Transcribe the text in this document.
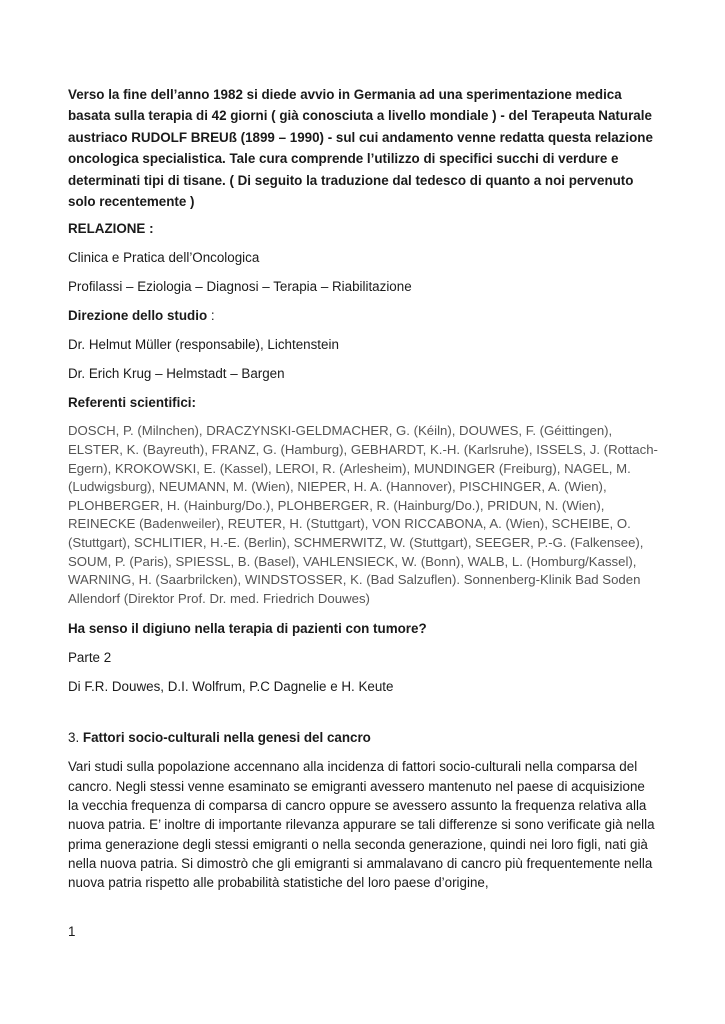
Verso la fine dell’anno 1982 si diede avvio in Germania ad una sperimentazione medica basata sulla terapia di 42 giorni ( già conosciuta a livello mondiale ) - del Terapeuta Naturale austriaco RUDOLF BREUß (1899 – 1990) - sul cui andamento venne redatta questa relazione oncologica specialistica. Tale cura comprende l’utilizzo di specifici succhi di verdure e determinati tipi di tisane. ( Di seguito la traduzione dal tedesco di quanto a noi pervenuto solo recentemente )

RELAZIONE :

Clinica e Pratica dell’Oncologica

Profilassi – Eziologia – Diagnosi – Terapia – Riabilitazione

Direzione dello studio :

Dr. Helmut Müller (responsabile), Lichtenstein

Dr. Erich Krug – Helmstadt – Bargen

Referenti scientifici:

DOSCH, P. (Milnchen), DRACZYNSKI-GELDMACHER, G. (Kéiln), DOUWES, F. (Géittingen), ELSTER, K. (Bayreuth), FRANZ, G. (Hamburg), GEBHARDT, K.-H. (Karlsruhe), ISSELS, J. (Rottach-Egern), KROKOWSKI, E. (Kassel), LEROI, R. (Arlesheim), MUNDINGER (Freiburg), NAGEL, M. (Ludwigsburg), NEUMANN, M. (Wien), NIEPER, H. A. (Hannover), PISCHINGER, A. (Wien), PLOHBERGER, H. (Hainburg/Do.), PLOHBERGER, R. (Hainburg/Do.), PRIDUN, N. (Wien), REINECKE (Badenweiler), REUTER, H. (Stuttgart), VON RICCABONA, A. (Wien), SCHEIBE, O. (Stuttgart), SCHLITIER, H.-E. (Berlin), SCHMERWITZ, W. (Stuttgart), SEEGER, P.-G. (Falkensee), SOUM, P. (Paris), SPIESSL, B. (Basel), VAHLENSIECK, W. (Bonn), WALB, L. (Homburg/Kassel), WARNING, H. (Saarbrilcken), WINDSTOSSER, K. (Bad Salzuflen). Sonnenberg-Klinik Bad Soden Allendorf (Direktor Prof. Dr. med. Friedrich Douwes)

Ha senso il digiuno nella terapia di pazienti con tumore?

Parte 2

Di F.R. Douwes, D.I. Wolfrum, P.C Dagnelie e H. Keute

3. Fattori socio-culturali nella genesi del cancro

Vari studi sulla popolazione accennano alla incidenza di fattori socio-culturali nella comparsa del cancro. Negli stessi venne esaminato se emigranti avessero mantenuto nel paese di acquisizione la vecchia frequenza di comparsa di cancro oppure se avessero assunto la frequenza relativa alla nuova patria. E’ inoltre di importante rilevanza appurare se tali differenze si sono verificate già nella prima generazione degli stessi emigranti o nella seconda generazione, quindi nei loro figli, nati già nella nuova patria. Si dimostrò che gli emigranti si ammalavano di cancro più frequentemente nella nuova patria rispetto alle probabilità statistiche del loro paese d’origine,

1
